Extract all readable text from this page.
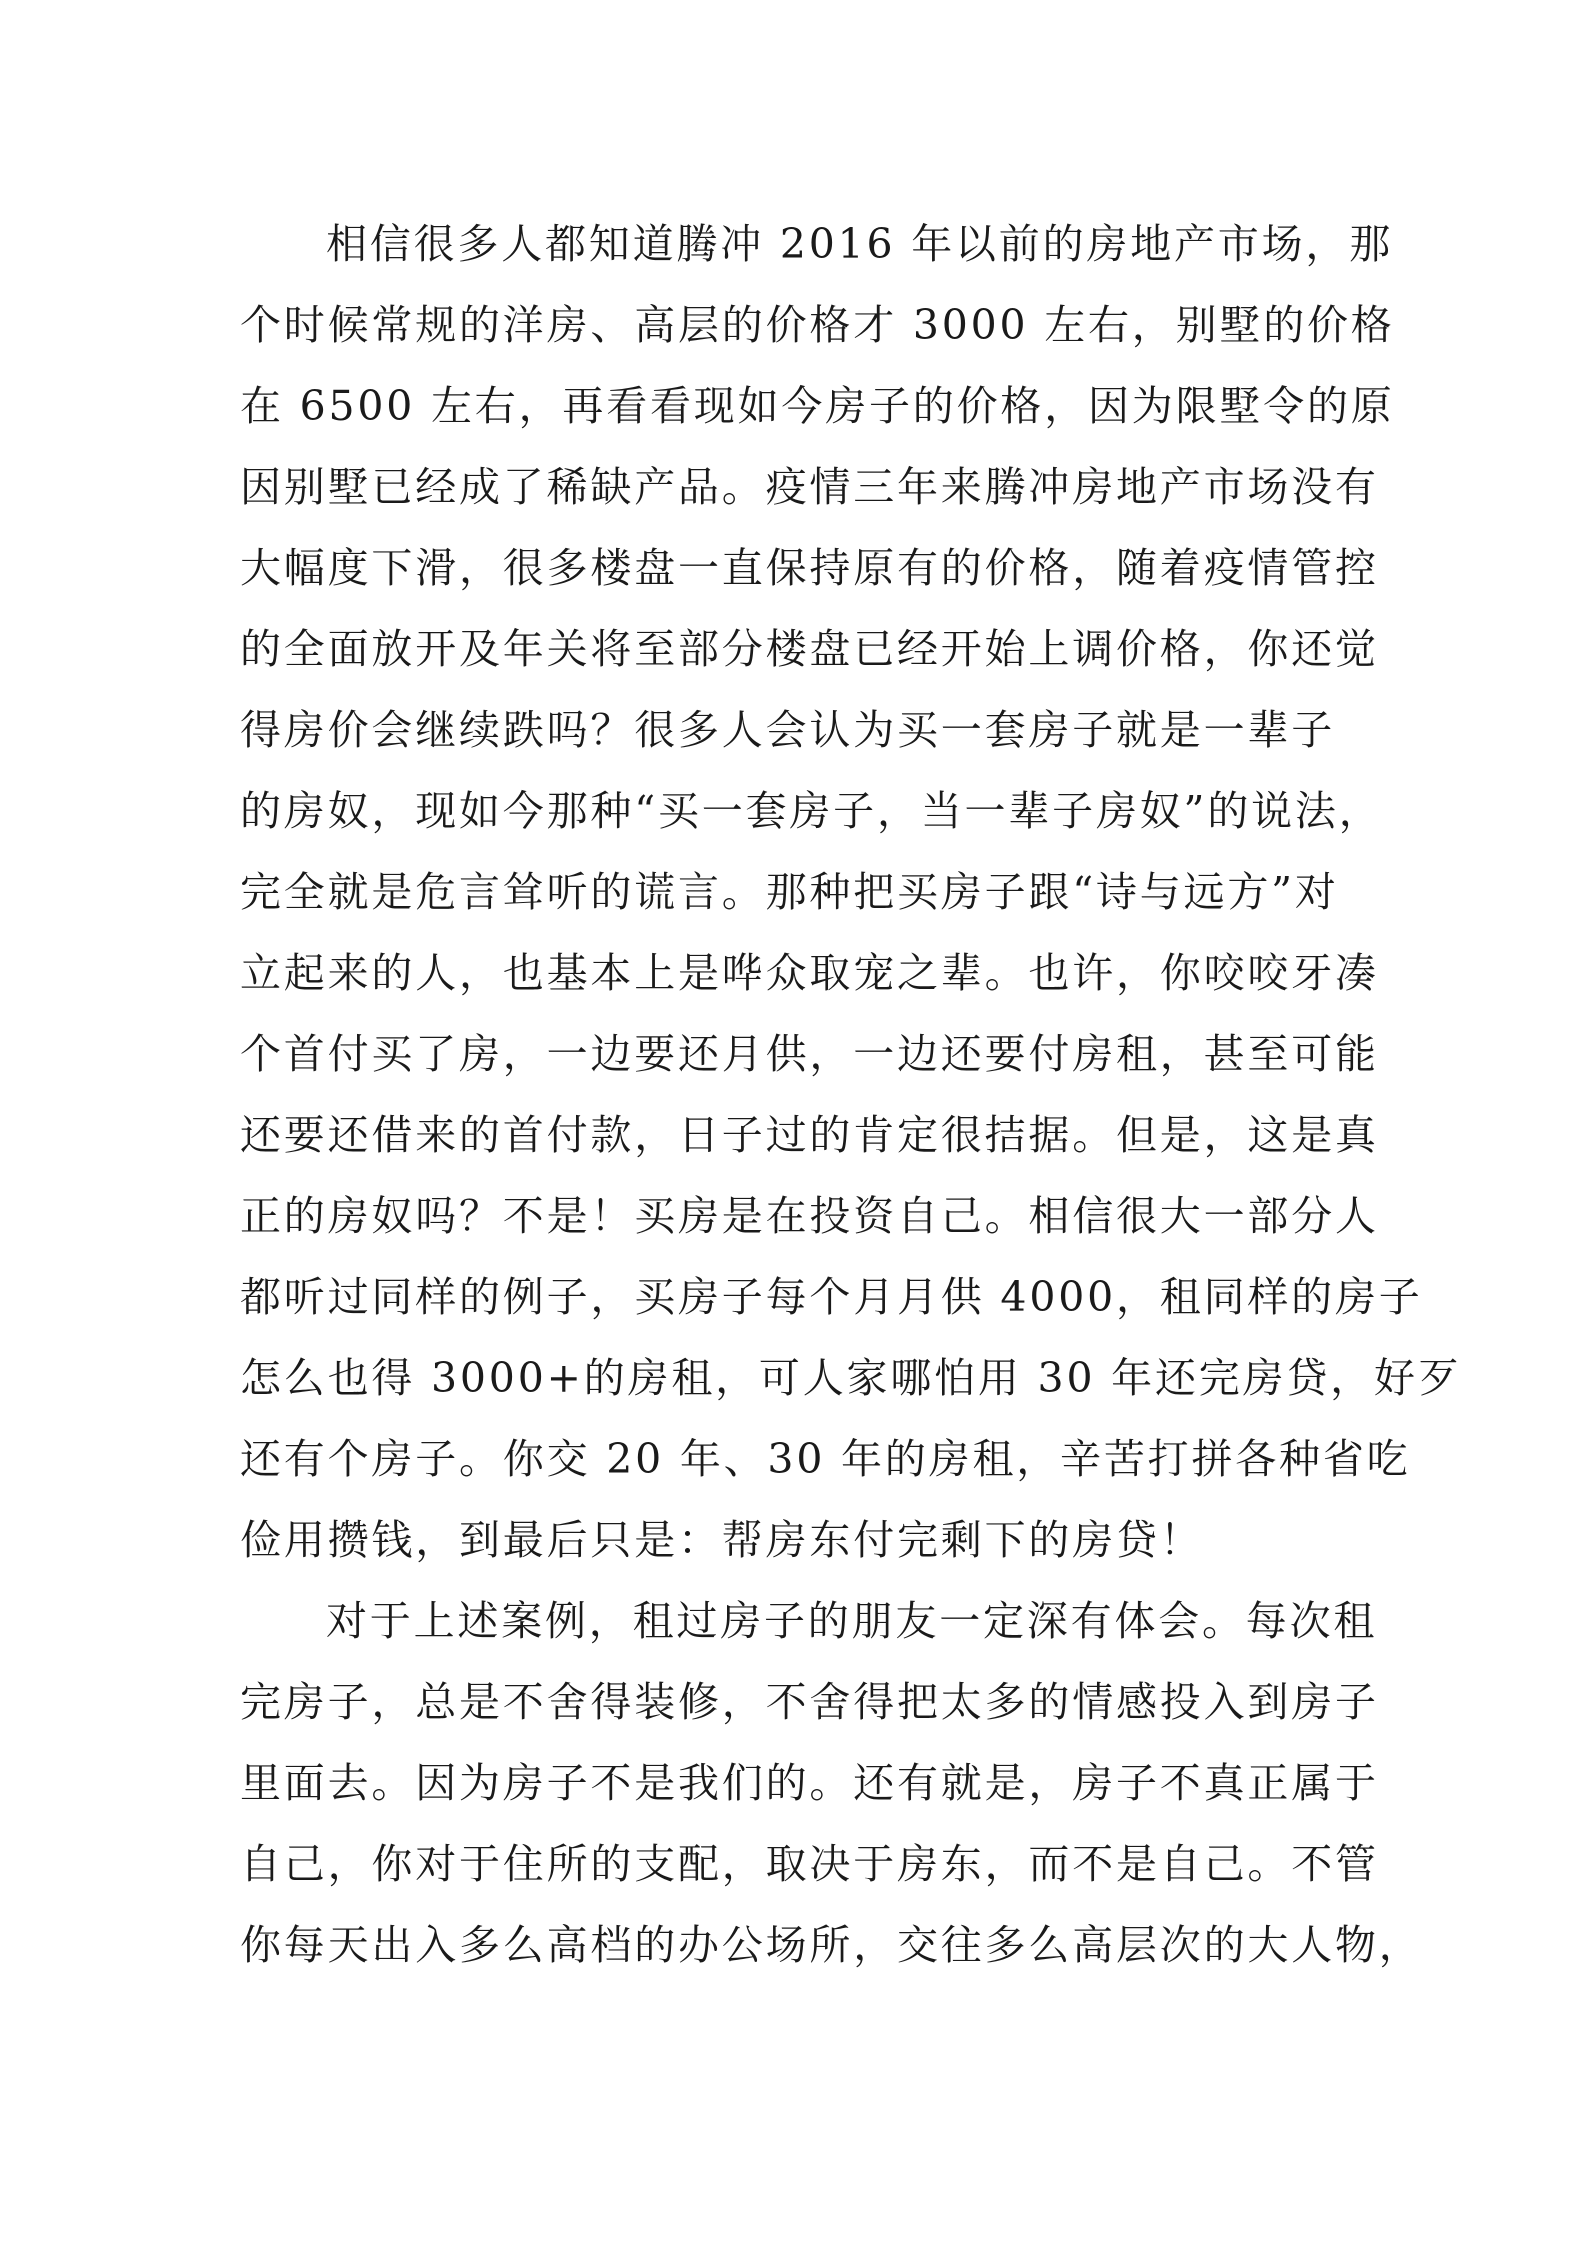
相信很多人都知道腾冲 2016 年以前的房地产市场，那
个时候常规的洋房、高层的价格才 3000 左右，别墅的价格
在 6500 左右，再看看现如今房子的价格，因为限墅令的原
因别墅已经成了稀缺产品。疫情三年来腾冲房地产市场没有
大幅度下滑，很多楼盘一直保持原有的价格，随着疫情管控
的全面放开及年关将至部分楼盘已经开始上调价格，你还觉
得房价会继续跌吗？很多人会认为买一套房子就是一辈子
的房奴，现如今那种“买一套房子，当一辈子房奴”的说法，
完全就是危言耸听的谎言。那种把买房子跟“诗与远方”对
立起来的人，也基本上是哗众取宠之辈。也许，你咬咬牙凑
个首付买了房，一边要还月供，一边还要付房租，甚至可能
还要还借来的首付款，日子过的肯定很拮据。但是，这是真
正的房奴吗？不是！买房是在投资自己。相信很大一部分人
都听过同样的例子，买房子每个月月供 4000，租同样的房子
怎么也得 3000+的房租，可人家哪怕用 30 年还完房贷，好歹
还有个房子。你交 20 年、30 年的房租，辛苦打拼各种省吃
俭用攒钱，到最后只是：帮房东付完剩下的房贷！
对于上述案例，租过房子的朋友一定深有体会。每次租
完房子，总是不舍得装修，不舍得把太多的情感投入到房子
里面去。因为房子不是我们的。还有就是，房子不真正属于
自己，你对于住所的支配，取决于房东，而不是自己。不管
你每天出入多么高档的办公场所，交往多么高层次的大人物，
